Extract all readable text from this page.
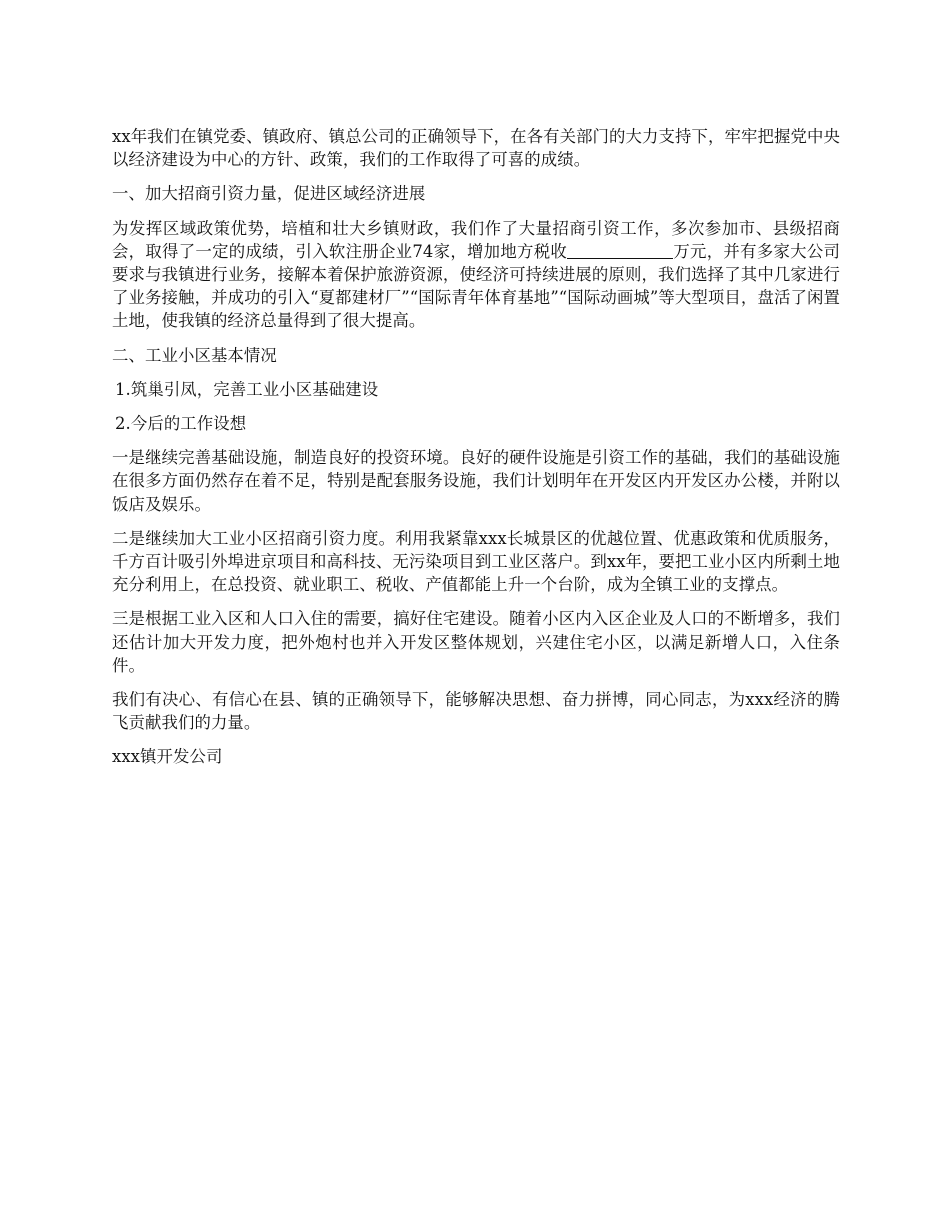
xx年我们在镇党委、镇政府、镇总公司的正确领导下，在各有关部门的大力支持下，牢牢把握党中央以经济建设为中心的方针、政策，我们的工作取得了可喜的成绩。

一、加大招商引资力量，促进区域经济进展

为发挥区域政策优势，培植和壮大乡镇财政，我们作了大量招商引资工作，多次参加市、县级招商会，取得了一定的成绩，引入软注册企业74家，增加地方税收	万元，并有多家大公司要求与我镇进行业务，接解本着保护旅游资源，使经济可持续进展的原则，我们选择了其中几家进行了业务接触，并成功的引入“夏都建材厂”“国际青年体育基地”“国际动画城”等大型项目，盘活了闲置土地，使我镇的经济总量得到了很大提高。

二、工业小区基本情况

1.筑巢引凤，完善工业小区基础建设

2.今后的工作设想

一是继续完善基础设施，制造良好的投资环境。良好的硬件设施是引资工作的基础，我们的基础设施在很多方面仍然存在着不足，特别是配套服务设施，我们计划明年在开发区内开发区办公楼，并附以饭店及娱乐。

二是继续加大工业小区招商引资力度。利用我紧靠xxx长城景区的优越位置、优惠政策和优质服务，千方百计吸引外埠进京项目和高科技、无污染项目到工业区落户。到xx年，要把工业小区内所剩土地充分利用上，在总投资、就业职工、税收、产值都能上升一个台阶，成为全镇工业的支撑点。

三是根据工业入区和人口入住的需要，搞好住宅建设。随着小区内入区企业及人口的不断增多，我们还估计加大开发力度，把外炮村也并入开发区整体规划，兴建住宅小区，以满足新增人口，入住条件。

我们有决心、有信心在县、镇的正确领导下，能够解决思想、奋力拼博，同心同志，为xxx经济的腾飞贡献我们的力量。

xxx镇开发公司
